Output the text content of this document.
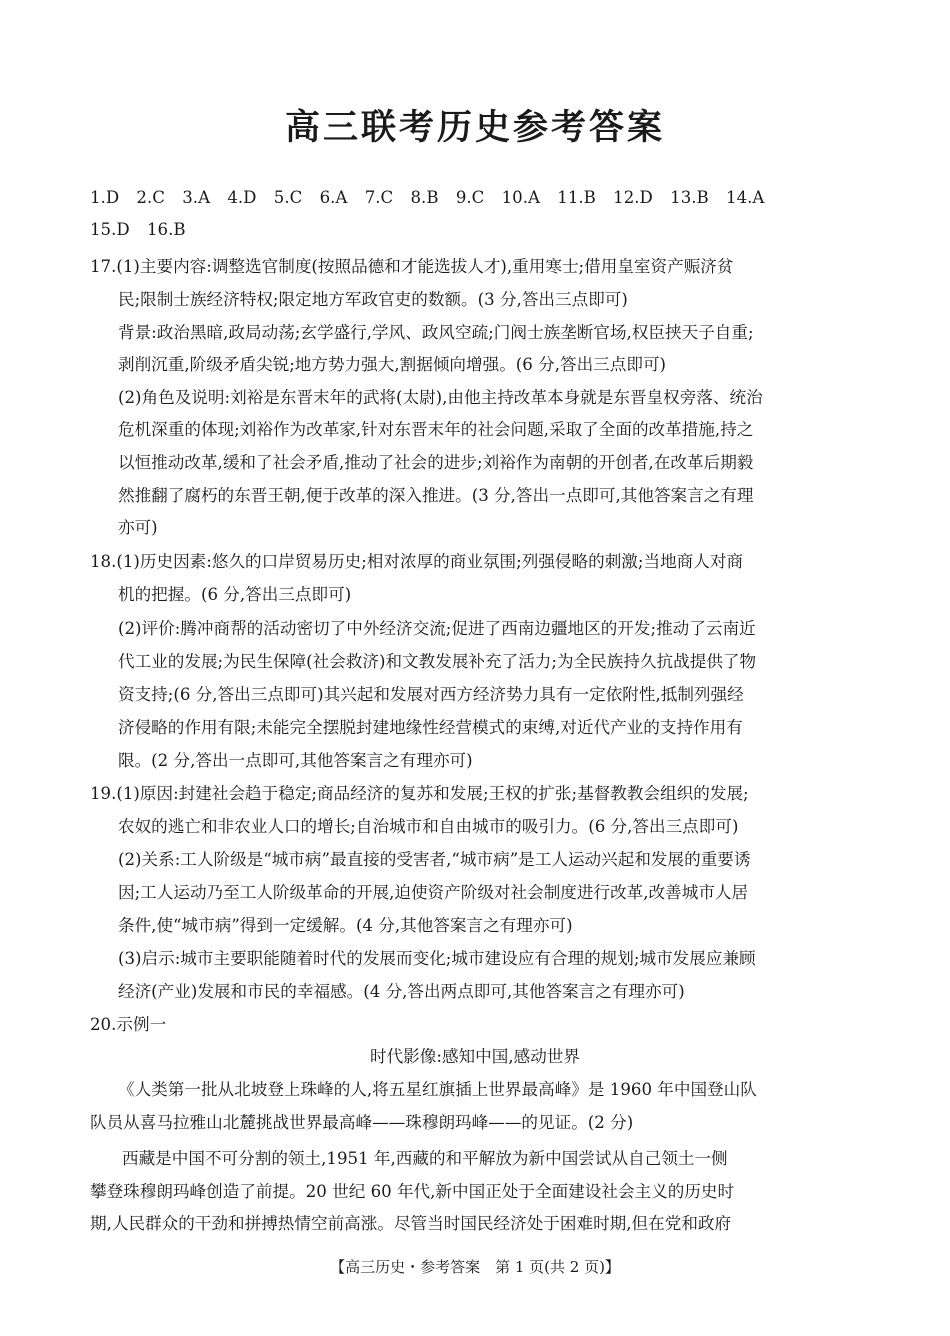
高三联考历史参考答案
1.D 2.C 3.A 4.D 5.C 6.A 7.C 8.B 9.C 10.A 11.B 12.D 13.B 14.A
15.D 16.B
17.(1)主要内容:调整选官制度(按照品德和才能选拔人才),重用寒士;借用皇室资产赈济贫
民;限制士族经济特权;限定地方军政官吏的数额。(3 分,答出三点即可)
背景:政治黑暗,政局动荡;玄学盛行,学风、政风空疏;门阀士族垄断官场,权臣挟天子自重;
剥削沉重,阶级矛盾尖锐;地方势力强大,割据倾向增强。(6 分,答出三点即可)
(2)角色及说明:刘裕是东晋末年的武将(太尉),由他主持改革本身就是东晋皇权旁落、统治
危机深重的体现;刘裕作为改革家,针对东晋末年的社会问题,采取了全面的改革措施,持之
以恒推动改革,缓和了社会矛盾,推动了社会的进步;刘裕作为南朝的开创者,在改革后期毅
然推翻了腐朽的东晋王朝,便于改革的深入推进。(3 分,答出一点即可,其他答案言之有理
亦可)
18.(1)历史因素:悠久的口岸贸易历史;相对浓厚的商业氛围;列强侵略的刺激;当地商人对商
机的把握。(6 分,答出三点即可)
(2)评价:腾冲商帮的活动密切了中外经济交流;促进了西南边疆地区的开发;推动了云南近
代工业的发展;为民生保障(社会救济)和文教发展补充了活力;为全民族持久抗战提供了物
资支持;(6 分,答出三点即可)其兴起和发展对西方经济势力具有一定依附性,抵制列强经
济侵略的作用有限;未能完全摆脱封建地缘性经营模式的束缚,对近代产业的支持作用有
限。(2 分,答出一点即可,其他答案言之有理亦可)
19.(1)原因:封建社会趋于稳定;商品经济的复苏和发展;王权的扩张;基督教教会组织的发展;
农奴的逃亡和非农业人口的增长;自治城市和自由城市的吸引力。(6 分,答出三点即可)
(2)关系:工人阶级是“城市病”最直接的受害者,“城市病”是工人运动兴起和发展的重要诱
因;工人运动乃至工人阶级革命的开展,迫使资产阶级对社会制度进行改革,改善城市人居
条件,使“城市病”得到一定缓解。(4 分,其他答案言之有理亦可)
(3)启示:城市主要职能随着时代的发展而变化;城市建设应有合理的规划;城市发展应兼顾
经济(产业)发展和市民的幸福感。(4 分,答出两点即可,其他答案言之有理亦可)
20.示例一
时代影像:感知中国,感动世界
《人类第一批从北坡登上珠峰的人,将五星红旗插上世界最高峰》是 1960 年中国登山队
队员从喜马拉雅山北麓挑战世界最高峰——珠穆朗玛峰——的见证。(2 分)
西藏是中国不可分割的领土,1951 年,西藏的和平解放为新中国尝试从自己领土一侧
攀登珠穆朗玛峰创造了前提。20 世纪 60 年代,新中国正处于全面建设社会主义的历史时
期,人民群众的干劲和拼搏热情空前高涨。尽管当时国民经济处于困难时期,但在党和政府
【高三历史・参考答案　第 1 页(共 2 页)】
